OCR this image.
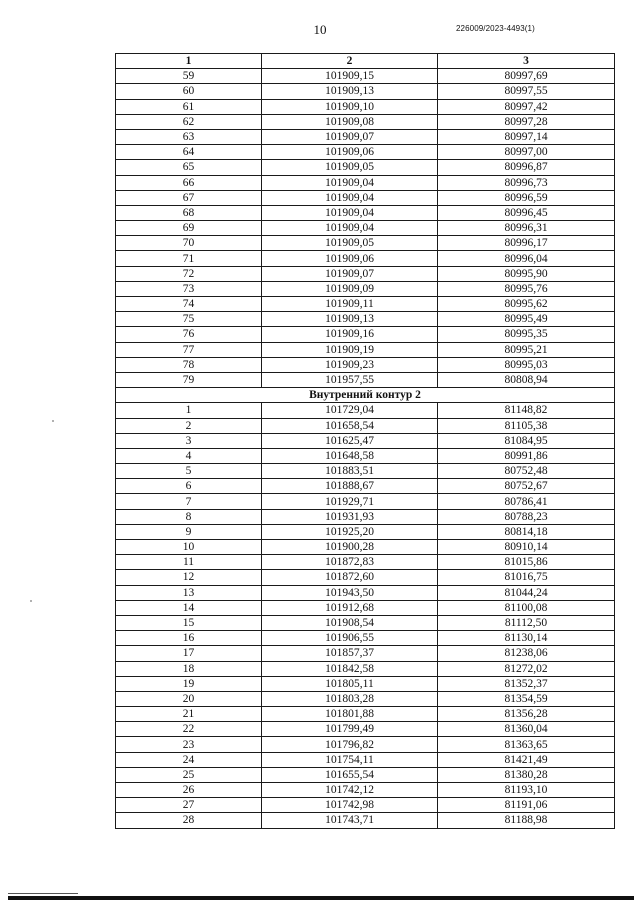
10	226009/2023-4493(1)
1	2	3
59	101909,15	80997,69
60	101909,13	80997,55
61	101909,10	80997,42
62	101909,08	80997,28
63	101909,07	80997,14
64	101909,06	80997,00
65	101909,05	80996,87
66	101909,04	80996,73
67	101909,04	80996,59
68	101909,04	80996,45
69	101909,04	80996,31
70	101909,05	80996,17
71	101909,06	80996,04
72	101909,07	80995,90
73	101909,09	80995,76
74	101909,11	80995,62
75	101909,13	80995,49
76	101909,16	80995,35
77	101909,19	80995,21
78	101909,23	80995,03
79	101957,55	80808,94
Внутренний контур 2		
1	101729,04	81148,82
2	101658,54	81105,38
3	101625,47	81084,95
4	101648,58	80991,86
5	101883,51	80752,48
6	101888,67	80752,67
7	101929,71	80786,41
8	101931,93	80788,23
9	101925,20	80814,18
10	101900,28	80910,14
11	101872,83	81015,86
12	101872,60	81016,75
13	101943,50	81044,24
14	101912,68	81100,08
15	101908,54	81112,50
16	101906,55	81130,14
17	101857,37	81238,06
18	101842,58	81272,02
19	101805,11	81352,37
20	101803,28	81354,59
21	101801,88	81356,28
22	101799,49	81360,04
23	101796,82	81363,65
24	101754,11	81421,49
25	101655,54	81380,28
26	101742,12	81193,10
27	101742,98	81191,06
28	101743,71	81188,98
